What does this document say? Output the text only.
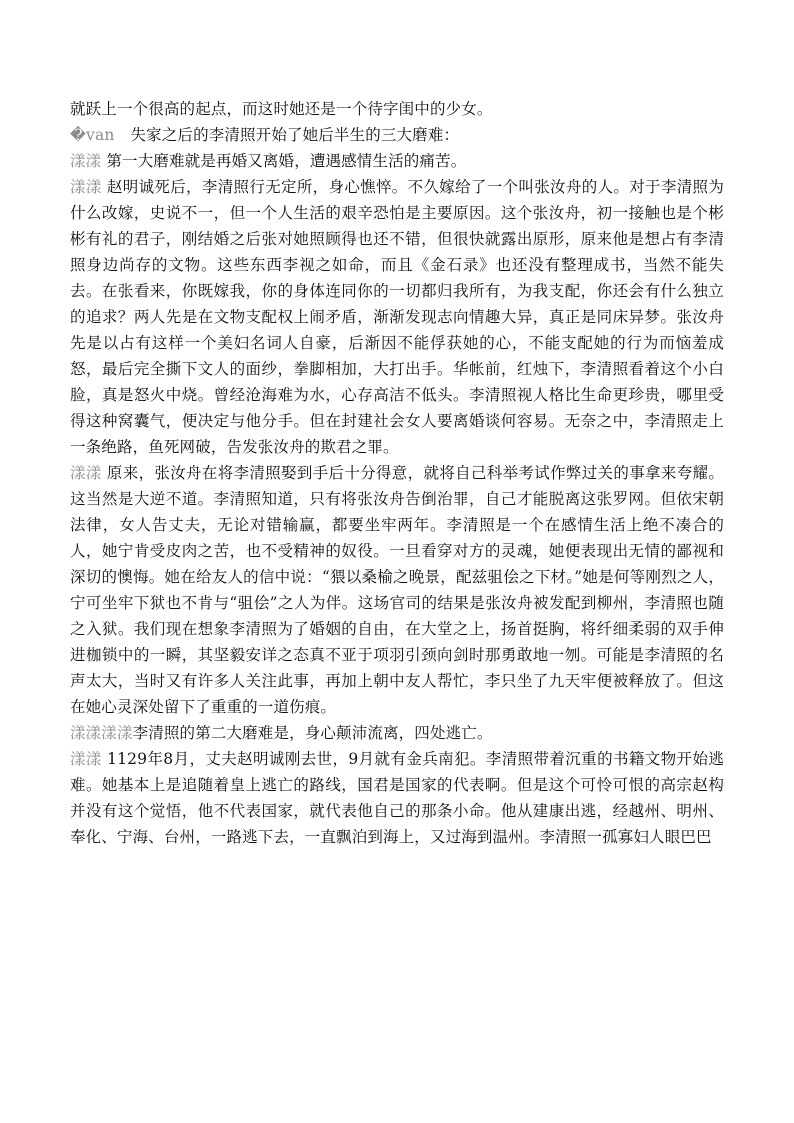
就跃上一个很高的起点，而这时她还是一个待字闺中的少女。

�van 失家之后的李清照开始了她后半生的三大磨难：

漾漾 第一大磨难就是再婚又离婚，遭遇感情生活的痛苦。

漾漾 赵明诚死后，李清照行无定所，身心憔悴。不久嫁给了一个叫张汝舟的人。对于李清照为什么改嫁，史说不一，但一个人生活的艰辛恐怕是主要原因。这个张汝舟，初一接触也是个彬彬有礼的君子，刚结婚之后张对她照顾得也还不错，但很快就露出原形，原来他是想占有李清照身边尚存的文物。这些东西李视之如命，而且《金石录》也还没有整理成书，当然不能失去。在张看来，你既嫁我，你的身体连同你的一切都归我所有，为我支配，你还会有什么独立的追求？两人先是在文物支配权上闹矛盾，渐渐发现志向情趣大异，真正是同床异梦。张汝舟先是以占有这样一个美妇名词人自豪，后渐因不能俘获她的心，不能支配她的行为而恼羞成怒，最后完全撕下文人的面纱，拳脚相加，大打出手。华帐前，红烛下，李清照看着这个小白脸，真是怒火中烧。曾经沧海难为水，心存高洁不低头。李清照视人格比生命更珍贵，哪里受得这种窝囊气，便决定与他分手。但在封建社会女人要离婚谈何容易。无奈之中，李清照走上一条绝路，鱼死网破，告发张汝舟的欺君之罪。

漾漾 原来，张汝舟在将李清照娶到手后十分得意，就将自己科举考试作弊过关的事拿来夸耀。这当然是大逆不道。李清照知道，只有将张汝舟告倒治罪，自己才能脱离这张罗网。但依宋朝法律，女人告丈夫，无论对错输赢，都要坐牢两年。李清照是一个在感情生活上绝不凑合的人，她宁肯受皮肉之苦，也不受精神的奴役。一旦看穿对方的灵魂，她便表现出无情的鄙视和深切的懊悔。她在给友人的信中说：“猥以桑榆之晚景，配兹驵侩之下材。”她是何等刚烈之人，宁可坐牢下狱也不肯与“驵侩”之人为伴。这场官司的结果是张汝舟被发配到柳州，李清照也随之入狱。我们现在想象李清照为了婚姻的自由，在大堂之上，扬首挺胸，将纤细柔弱的双手伸进枷锁中的一瞬，其坚毅安详之态真不亚于项羽引颈向剑时那勇敢地一刎。可能是李清照的名声太大，当时又有许多人关注此事，再加上朝中友人帮忙，李只坐了九天牢便被释放了。但这在她心灵深处留下了重重的一道伤痕。

漾漾漾漾李清照的第二大磨难是，身心颠沛流离，四处逃亡。

漾漾 1129年8月，丈夫赵明诚刚去世，9月就有金兵南犯。李清照带着沉重的书籍文物开始逃难。她基本上是追随着皇上逃亡的路线，国君是国家的代表啊。但是这个可怜可恨的高宗赵构并没有这个觉悟，他不代表国家，就代表他自己的那条小命。他从建康出逃，经越州、明州、奉化、宁海、台州，一路逃下去，一直飘泊到海上，又过海到温州。李清照一孤寡妇人眼巴巴
